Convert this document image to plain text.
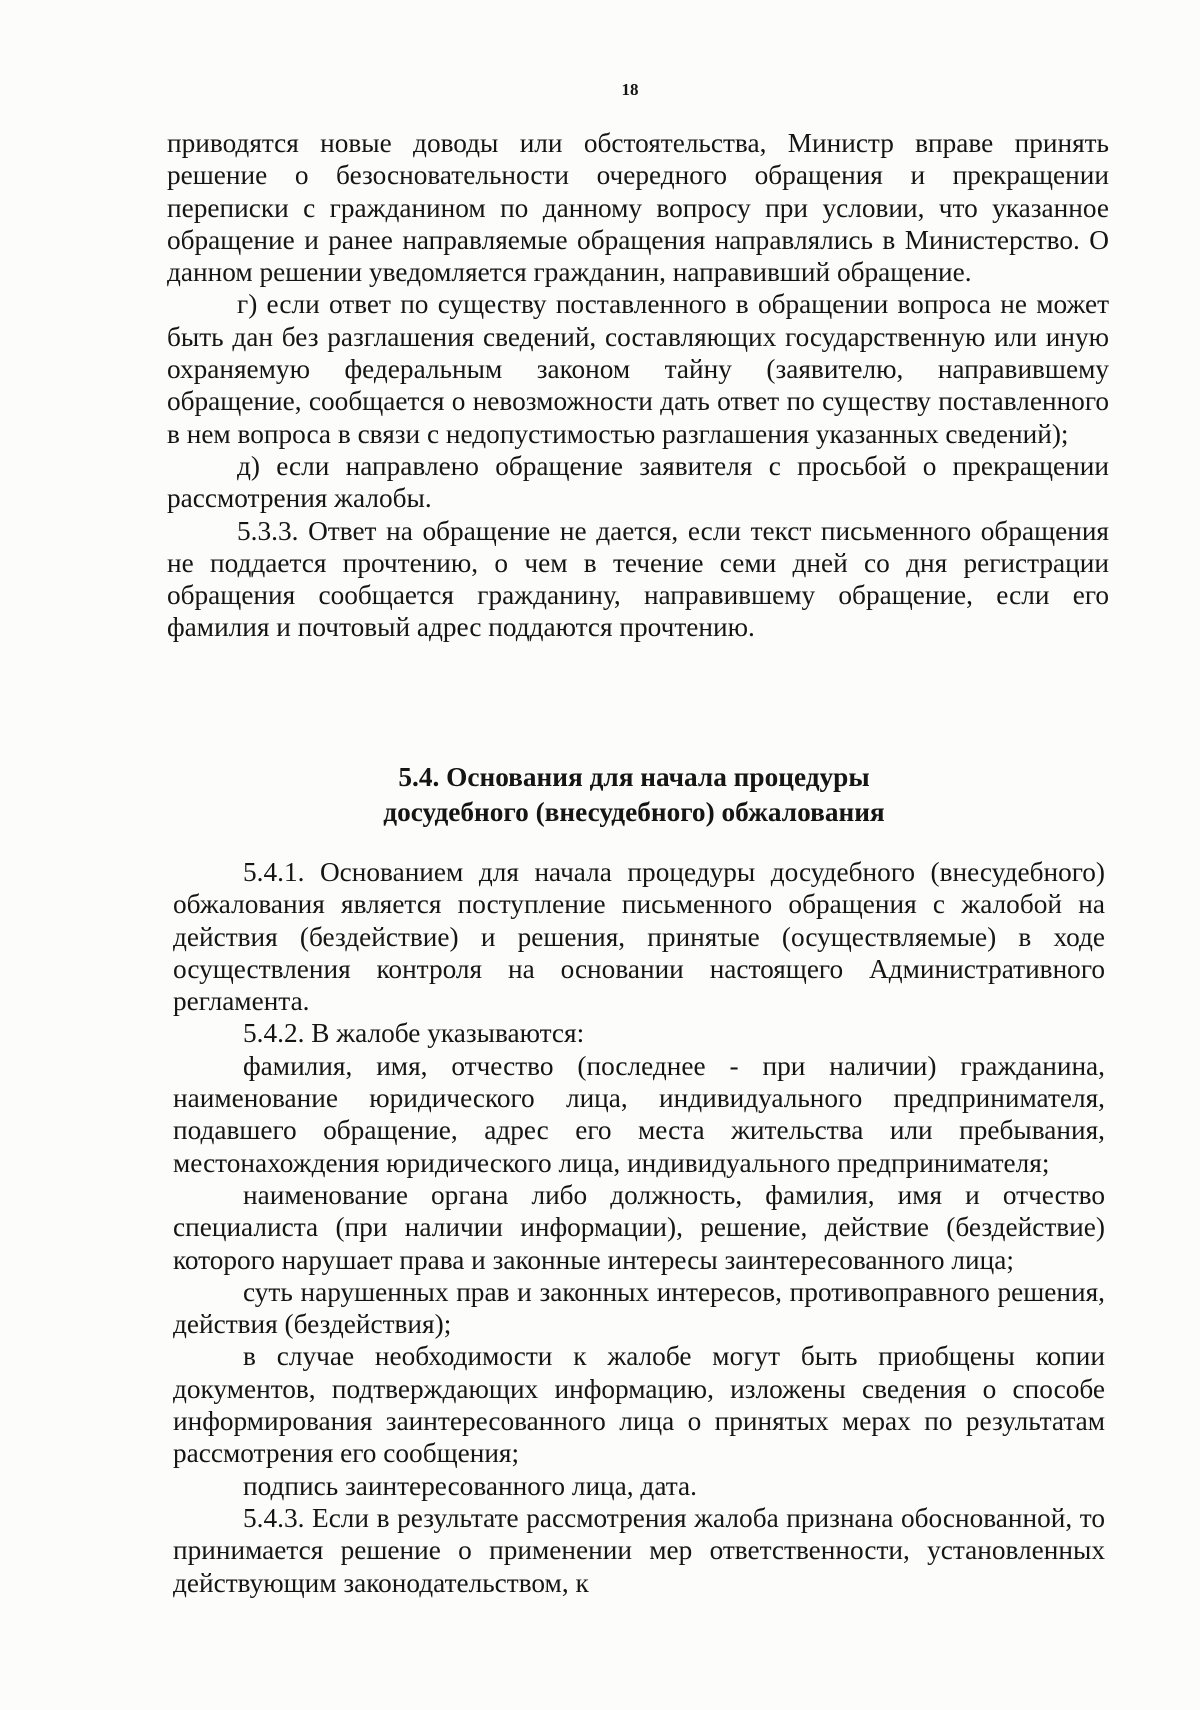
18

приводятся новые доводы или обстоятельства, Министр вправе принять решение о безосновательности очередного обращения и прекращении переписки с гражданином по данному вопросу при условии, что указанное обращение и ранее направляемые обращения направлялись в Министерство. О данном решении уведомляется гражданин, направивший обращение.

г) если ответ по существу поставленного в обращении вопроса не может быть дан без разглашения сведений, составляющих государственную или иную охраняемую федеральным законом тайну (заявителю, направившему обращение, сообщается о невозможности дать ответ по существу поставленного в нем вопроса в связи с недопустимостью разглашения указанных сведений);

д) если направлено обращение заявителя с просьбой о прекращении рассмотрения жалобы.

5.3.3. Ответ на обращение не дается, если текст письменного обращения не поддается прочтению, о чем в течение семи дней со дня регистрации обращения сообщается гражданину, направившему обращение, если его фамилия и почтовый адрес поддаются прочтению.

5.4. Основания для начала процедуры
досудебного (внесудебного) обжалования

5.4.1. Основанием для начала процедуры досудебного (внесудебного) обжалования является поступление письменного обращения с жалобой на действия (бездействие) и решения, принятые (осуществляемые) в ходе осуществления контроля на основании настоящего Административного регламента.

5.4.2. В жалобе указываются:

фамилия, имя, отчество (последнее - при наличии) гражданина, наименование юридического лица, индивидуального предпринимателя, подавшего обращение, адрес его места жительства или пребывания, местонахождения юридического лица, индивидуального предпринимателя;

наименование органа либо должность, фамилия, имя и отчество специалиста (при наличии информации), решение, действие (бездействие) которого нарушает права и законные интересы заинтересованного лица;

суть нарушенных прав и законных интересов, противоправного решения, действия (бездействия);

в случае необходимости к жалобе могут быть приобщены копии документов, подтверждающих информацию, изложены сведения о способе информирования заинтересованного лица о принятых мерах по результатам рассмотрения его сообщения;

подпись заинтересованного лица, дата.

5.4.3. Если в результате рассмотрения жалоба признана обоснованной, то принимается решение о применении мер ответственности, установленных действующим законодательством, к
